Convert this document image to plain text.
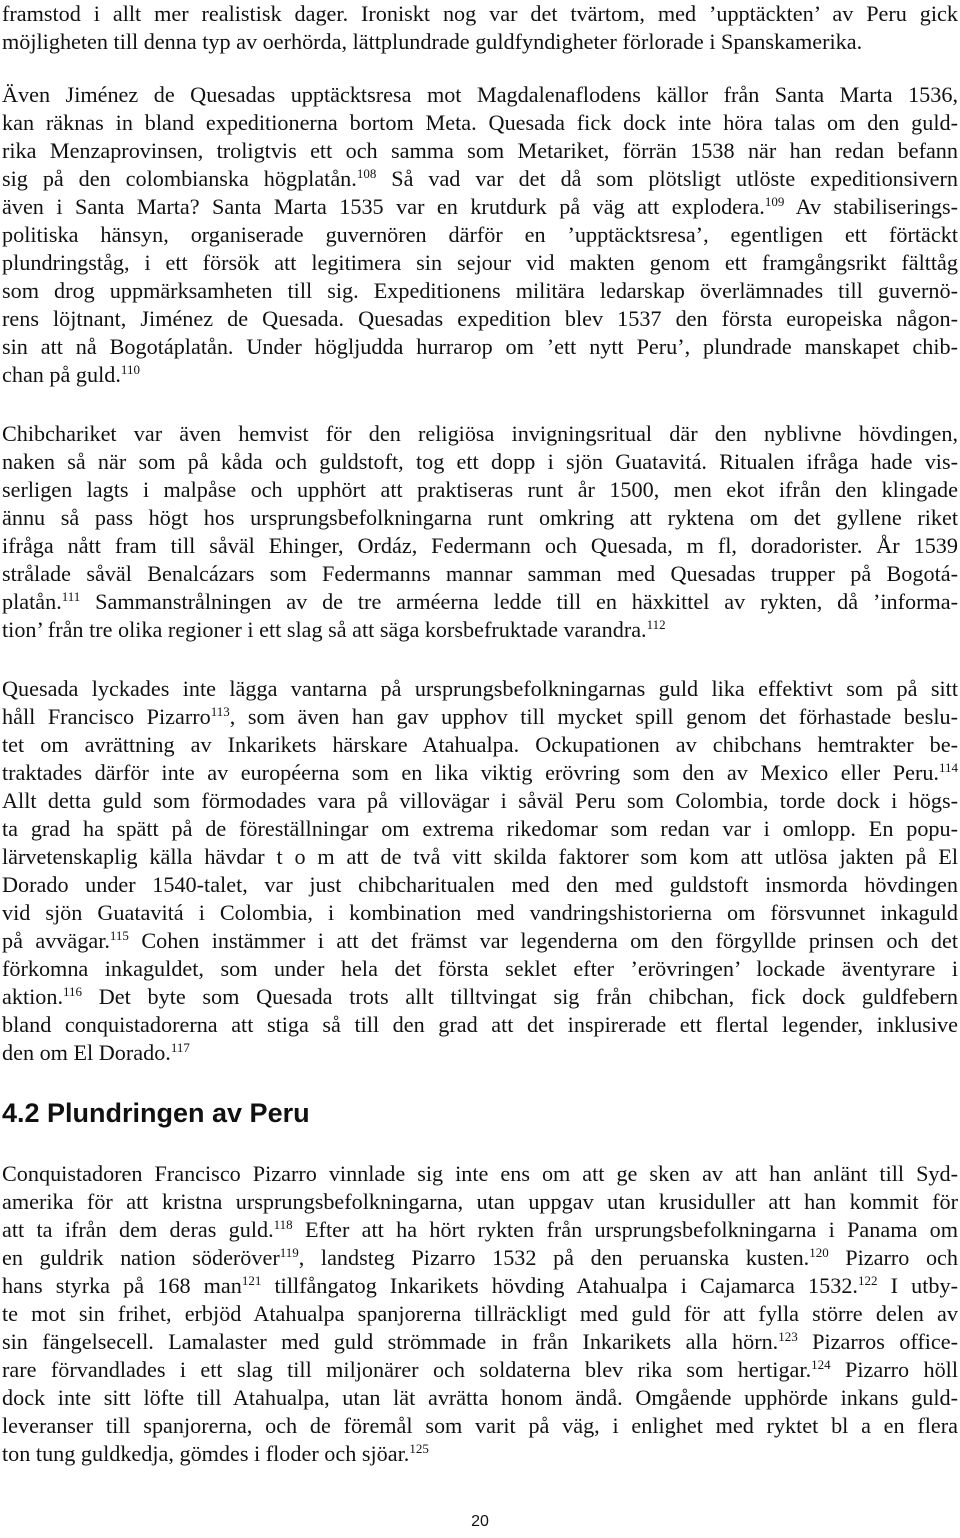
framstod i allt mer realistisk dager. Ironiskt nog var det tvärtom, med ’upptäckten’ av Peru gick
möjligheten till denna typ av oerhörda, lättplundrade guldfyndigheter förlorade i Spanskamerika.
Även Jiménez de Quesadas upptäcktsresa mot Magdalenaflodens källor från Santa Marta 1536,
kan räknas in bland expeditionerna bortom Meta. Quesada fick dock inte höra talas om den guld-
rika Menzaprovinsen, troligtvis ett och samma som Metariket, förrän 1538 när han redan befann
sig på den colombianska högplatån.$^{108}$ Så vad var det då som plötsligt utlöste expeditionsivern
även i Santa Marta? Santa Marta 1535 var en krutdurk på väg att explodera.$^{109}$ Av stabiliserings-
politiska hänsyn, organiserade guvernören därför en ’upptäcktsresa’, egentligen ett förtäckt
plundringståg, i ett försök att legitimera sin sejour vid makten genom ett framgångsrikt fälttåg
som drog uppmärksamheten till sig. Expeditionens militära ledarskap överlämnades till guvernö-
rens löjtnant, Jiménez de Quesada. Quesadas expedition blev 1537 den första europeiska någon-
sin att nå Bogotáplatån. Under högljudda hurrarop om ’ett nytt Peru’, plundrade manskapet chib-
chan på guld.$^{110}$
Chibchariket var även hemvist för den religiösa invigningsritual där den nyblivne hövdingen,
naken så när som på kåda och guldstoft, tog ett dopp i sjön Guatavitá. Ritualen ifråga hade vis-
serligen lagts i malpåse och upphört att praktiseras runt år 1500, men ekot ifrån den klingade
ännu så pass högt hos ursprungsbefolkningarna runt omkring att ryktena om det gyllene riket
ifråga nått fram till såväl Ehinger, Ordáz, Federmann och Quesada, m fl, doradorister. År 1539
strålade såväl Benalcázars som Federmanns mannar samman med Quesadas trupper på Bogotá-
platån.$^{111}$ Sammanstrålningen av de tre arméerna ledde till en häxkittel av rykten, då ’informa-
tion’ från tre olika regioner i ett slag så att säga korsbefruktade varandra.$^{112}$
Quesada lyckades inte lägga vantarna på ursprungsbefolkningarnas guld lika effektivt som på sitt
håll Francisco Pizarro$^{113}$, som även han gav upphov till mycket spill genom det förhastade beslu-
tet om avrättning av Inkarikets härskare Atahualpa. Ockupationen av chibchans hemtrakter be-
traktades därför inte av européerna som en lika viktig erövring som den av Mexico eller Peru.$^{114}$
Allt detta guld som förmodades vara på villovägar i såväl Peru som Colombia, torde dock i högs-
ta grad ha spätt på de föreställningar om extrema rikedomar som redan var i omlopp. En popu-
lärvetenskaplig källa hävdar t o m att de två vitt skilda faktorer som kom att utlösa jakten på El
Dorado under 1540-talet, var just chibcharitualen med den med guldstoft insmorda hövdingen
vid sjön Guatavitá i Colombia, i kombination med vandringshistorierna om försvunnet inkaguld
på avvägar.$^{115}$ Cohen instämmer i att det främst var legenderna om den förgyllde prinsen och det
förkomna inkaguldet, som under hela det första seklet efter ’erövringen’ lockade äventyrare i
aktion.$^{116}$ Det byte som Quesada trots allt tilltvingat sig från chibchan, fick dock guldfebern
bland conquistadorerna att stiga så till den grad att det inspirerade ett flertal legender, inklusive
den om El Dorado.$^{117}$
4.2 Plundringen av Peru
Conquistadoren Francisco Pizarro vinnlade sig inte ens om att ge sken av att han anlänt till Syd-
amerika för att kristna ursprungsbefolkningarna, utan uppgav utan krusiduller att han kommit för
att ta ifrån dem deras guld.$^{118}$ Efter att ha hört rykten från ursprungsbefolkningarna i Panama om
en guldrik nation söderöver$^{119}$, landsteg Pizarro 1532 på den peruanska kusten.$^{120}$ Pizarro och
hans styrka på 168 man$^{121}$ tillfångatog Inkarikets hövding Atahualpa i Cajamarca 1532.$^{122}$ I utby-
te mot sin frihet, erbjöd Atahualpa spanjorerna tillräckligt med guld för att fylla större delen av
sin fängelsecell. Lamalaster med guld strömmade in från Inkarikets alla hörn.$^{123}$ Pizarros office-
rare förvandlades i ett slag till miljonärer och soldaterna blev rika som hertigar.$^{124}$ Pizarro höll
dock inte sitt löfte till Atahualpa, utan lät avrätta honom ändå. Omgående upphörde inkans guld-
leveranser till spanjorerna, och de föremål som varit på väg, i enlighet med ryktet bl a en flera
ton tung guldkedja, gömdes i floder och sjöar.$^{125}$
20
